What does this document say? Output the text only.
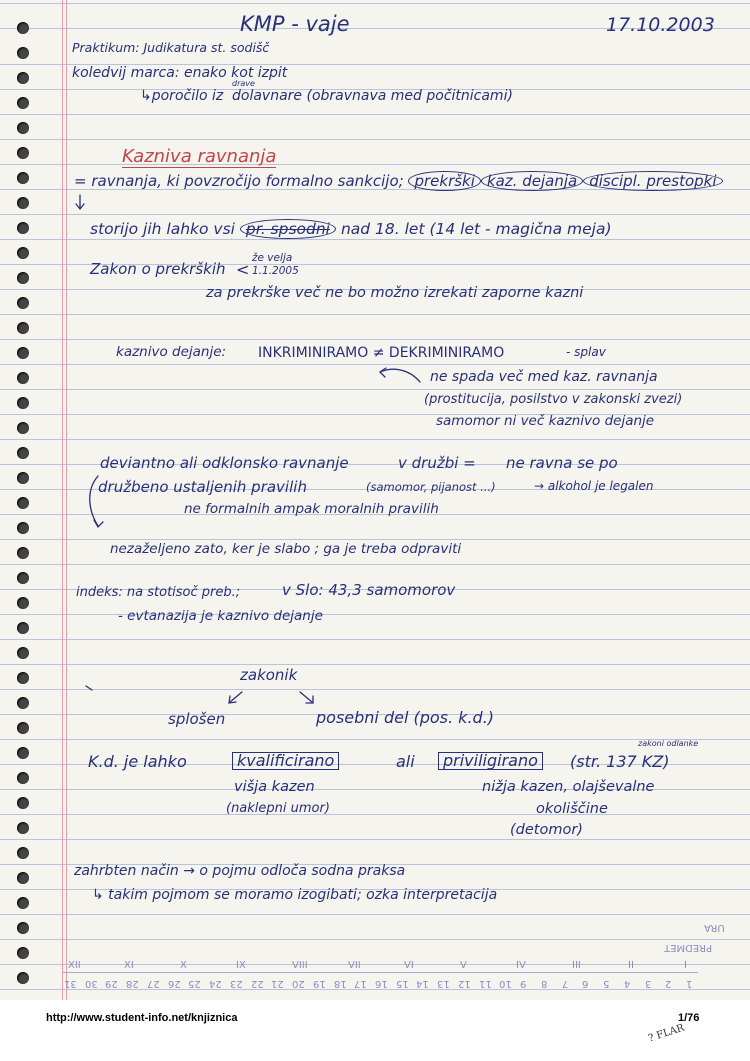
KMP - vaje	17.10.2003
Praktikum: Judikatura st. sodišč
koledvij marca: enako kot izpit
↳poročilo iz
drave
dolavnare (obravnava med počitnicami)
Kazniva ravnanja
= ravnanja, ki povzročijo formalno sankcijo; prekrški kaz. dejanja discipl. prestopki
storijo jih lahko vsi pr. spsodni nad 18. let (14 let - magična meja)
Zakon o prekrških <
že velja
1.1.2005
za prekrške več ne bo možno izrekati zaporne kazni
kaznivo dejanje: INKRIMINIRAMO ≠ DEKRIMINIRAMO	- splav
ne spada več med kaz. ravnanja
(prostitucija, posilstvo v zakonski zvezi)
samomor ni več kaznivo dejanje
deviantno ali odklonsko ravnanje	v družbi = ne ravna se po
družbeno ustaljenih pravilih	(samomor, pijanost ...)	→ alkohol je legalen
ne formalnih ampak moralnih pravilih
nezaželjeno zato, ker je slabo ; ga je treba odpraviti
indeks: na stotisoč preb.;	v Slo: 43,3 samomorov
- evtanazija je kaznivo dejanje
zakonik
splošen	posebni del (pos. k.d.)
zakoni odlanke
K.d. je lahko	kvalificirano	ali	priviligirano	(str. 137 KZ)
višja kazen	nižja kazen, olajševalne
(naklepni umor)	okoliščine
(detomor)
zahrbten način → o pojmu odloča sodna praksa
↳ takim pojmom se moramo izogibati; ozka interpretacija
URA
PREDMET
XII	XI	X	IX	VIII	VII	VI	V	IV	III	II	I
31 30 29 28 27 26 25 24 23 22 21 20 19 18 17 16 15 14 13 12 11 10 9 8 7 6 5 4 3 2 1
http://www.student-info.net/knjiznica	1/76
? FLAR
